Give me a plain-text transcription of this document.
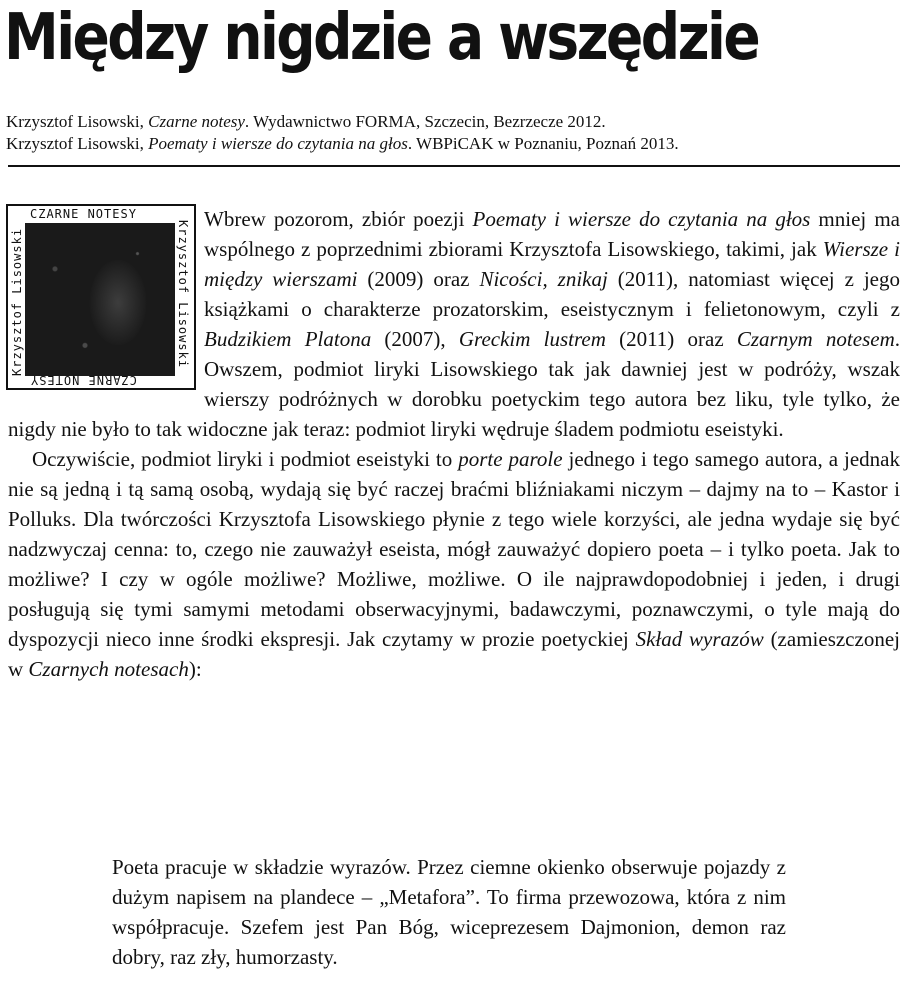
Między nigdzie a wszędzie

Krzysztof Lisowski, Czarne notesy. Wydawnictwo FORMA, Szczecin, Bezrzecze 2012.

Krzysztof Lisowski, Poematy i wiersze do czytania na głos. WBPiCAK w Poznaniu, Poznań 2013.

Wbrew pozorom, zbiór poezji Poematy i wiersze do czytania na głos mniej ma wspólnego z poprzednimi zbiorami Krzysztofa Lisowskiego, takimi, jak Wiersze i między wierszami (2009) oraz Nicości, znikaj (2011), natomiast więcej z jego książkami o charakterze prozatorskim, eseistycznym i felietonowym, czyli z Budzikiem Platona (2007), Greckim lustrem (2011) oraz Czarnym notesem. Owszem, podmiot liryki Lisowskiego tak jak dawniej jest w podróży, wszak wierszy podróżnych w dorobku poetyckim tego autora bez liku, tyle tylko, że nigdy nie było to tak widoczne jak teraz: podmiot liryki wędruje śladem podmiotu eseistyki.

Oczywiście, podmiot liryki i podmiot eseistyki to porte parole jednego i tego samego autora, a jednak nie są jedną i tą samą osobą, wydają się być raczej braćmi bliźniakami niczym – dajmy na to – Kastor i Polluks. Dla twórczości Krzysztofa Lisowskiego płynie z tego wiele korzyści, ale jedna wydaje się być nadzwyczaj cenna: to, czego nie zauważył eseista, mógł zauważyć dopiero poeta – i tylko poeta. Jak to możliwe? I czy w ogóle możliwe? Możliwe, możliwe. O ile najprawdopodobniej i jeden, i drugi posługują się tymi samymi metodami obserwacyjnymi, badawczymi, poznawczymi, o tyle mają do dyspozycji nieco inne środki ekspresji. Jak czytamy w prozie poetyckiej Skład wyrazów (zamieszczonej w Czarnych notesach):

CZARNE NOTESY
CZARNE NOTESY
Krzysztof Lisowski	Krzysztof Lisowski

Poeta pracuje w składzie wyrazów. Przez ciemne okienko obserwuje pojazdy z dużym napisem na plandece – „Metafora”. To firma przewozowa, która z nim współpracuje. Szefem jest Pan Bóg, wiceprezesem Dajmonion, demon raz dobry, raz zły, humorzasty.
